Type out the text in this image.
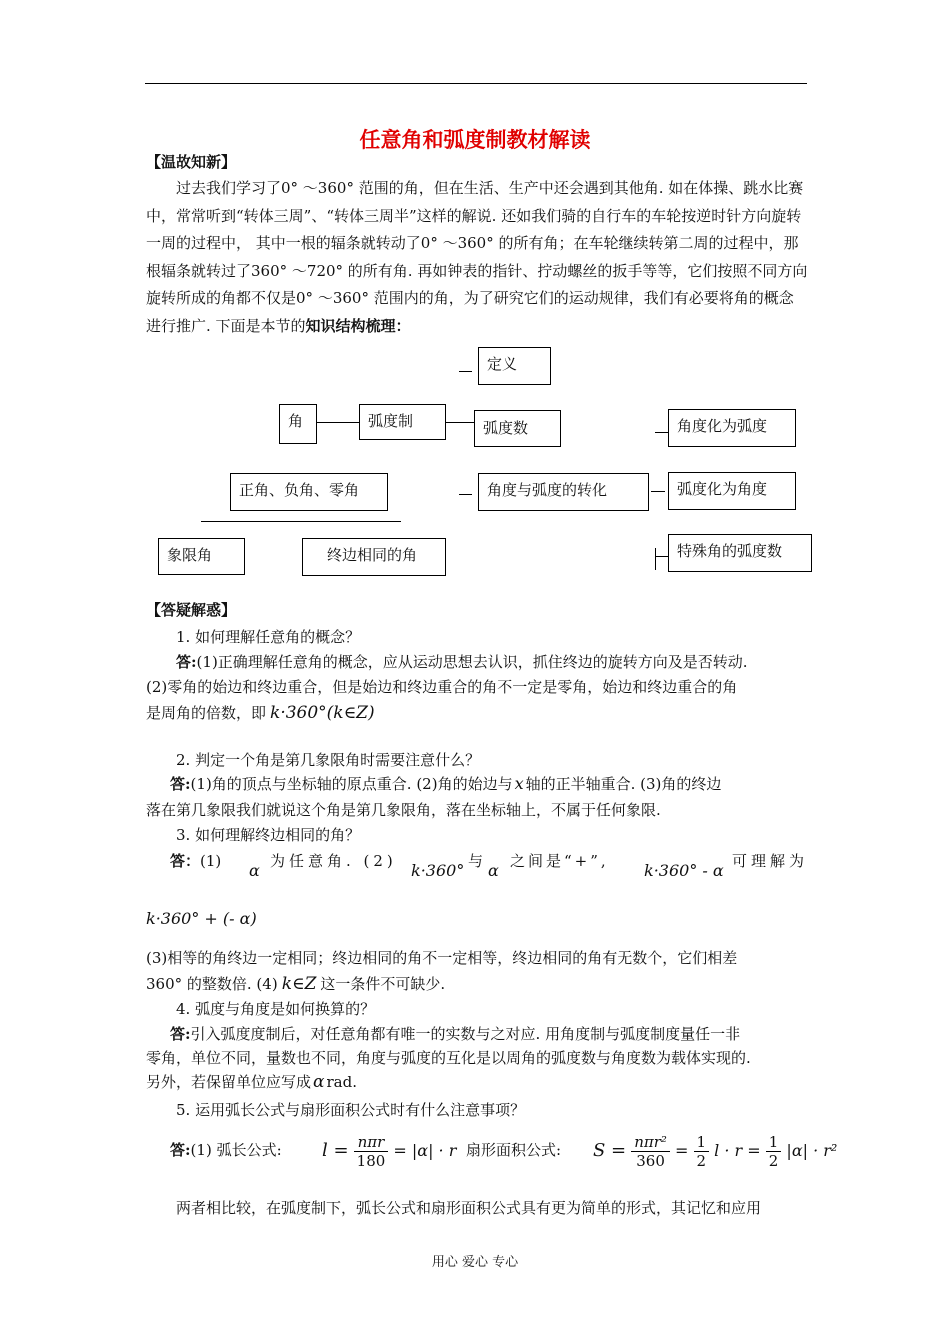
任意角和弧度制教材解读
【温故知新】
过去我们学习了0° ～360° 范围的角，但在生活、生产中还会遇到其他角. 如在体操、跳水比赛中，常常听到“转体三周”、“转体三周半”这样的解说. 还如我们骑的自行车的车轮按逆时针方向旋转一周的过程中， 其中一根的辐条就转动了0° ～360° 的所有角；在车轮继续转第二周的过程中，那根辐条就转过了360° ～720° 的所有角. 再如钟表的指针、拧动螺丝的扳手等等，它们按照不同方向旋转所成的角都不仅是0° ～360° 范围内的角，为了研究它们的运动规律，我们有必要将角的概念进行推广. 下面是本节的知识结构梳理：
角	弧度制
定义
弧度数
角度与弧度的转化
角度化为弧度
弧度化为角度
特殊角的弧度数
正角、负角、零角
象限角	终边相同的角
【答疑解惑】
1. 如何理解任意角的概念？
答:(1)正确理解任意角的概念，应从运动思想去认识，抓住终边的旋转方向及是否转动.
(2)零角的始边和终边重合，但是始边和终边重合的角不一定是零角，始边和终边重合的角
是周角的倍数，即 k·360°(k∈Z)
2. 判定一个角是第几象限角时需要注意什么？
答:(1)角的顶点与坐标轴的原点重合. (2)角的始边与 x 轴的正半轴重合. (3)角的终边
落在第几象限我们就说这个角是第几象限角，落在坐标轴上，不属于任何象限.
3. 如何理解终边相同的角？
答：(1) α 为任意角. (2) k·360° 与 α 之间是“+”, k·360° - α 可理解为
k·360° + (- α)
(3)相等的角终边一定相同；终边相同的角不一定相等，终边相同的角有无数个，它们相差
360° 的整数倍. (4) k∈Z 这一条件不可缺少.
4. 弧度与角度是如何换算的？
答:引入弧度度制后，对任意角都有唯一的实数与之对应. 用角度制与弧度制度量任一非
零角，单位不同，量数也不同，角度与弧度的互化是以周角的弧度数与角度数为载体实现的.
另外，若保留单位应写成 α rad.
5. 运用弧长公式与扇形面积公式时有什么注意事项？
答:(1) 弧长公式: $l = \frac{\text{nπr}}{180} = |\alpha| \cdot r$ 扇形面积公式: $S = \frac{\text{nπr²}}{360} = \frac{1}{2}$ $l \cdot r = \frac{1}{2} |\alpha| \cdot r^2$
两者相比较，在弧度制下，弧长公式和扇形面积公式具有更为简单的形式，其记忆和应用
用心 爱心 专心
